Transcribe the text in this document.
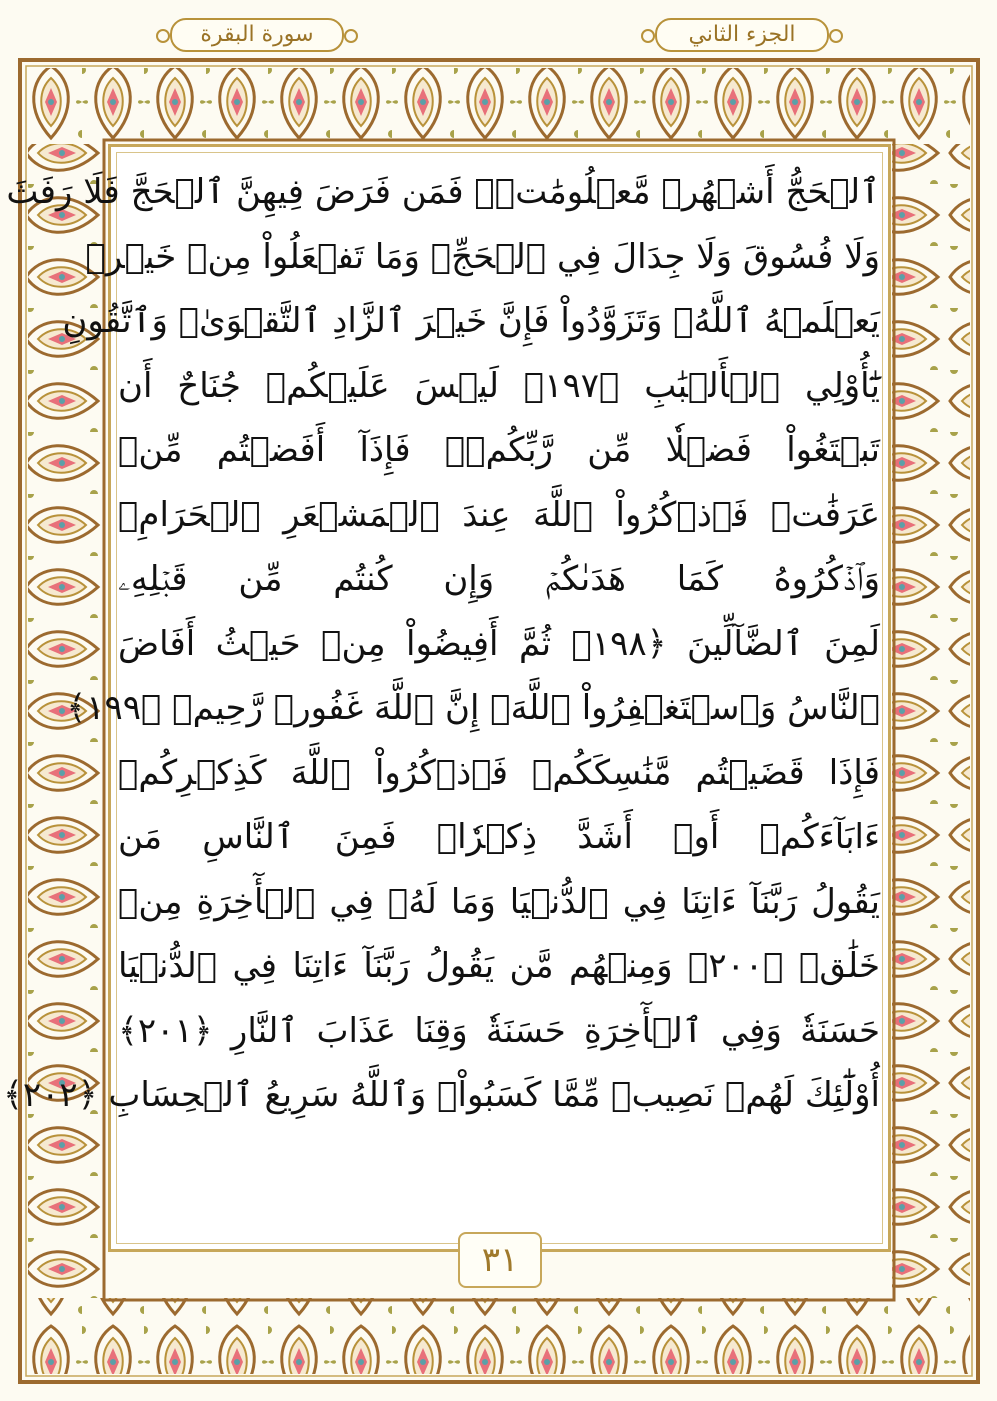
سورة البقرة	الجزء الثاني
ٱلۡحَجُّ أَشۡهُرٞ مَّعۡلُومَٰتٞۚ فَمَن فَرَضَ فِيهِنَّ ٱلۡحَجَّ فَلَا رَفَثَ
وَلَا فُسُوقَ وَلَا جِدَالَ فِي ٱلۡحَجِّۗ وَمَا تَفۡعَلُواْ مِنۡ خَيۡرٖ
يَعۡلَمۡهُ ٱللَّهُۗ وَتَزَوَّدُواْ فَإِنَّ خَيۡرَ ٱلزَّادِ ٱلتَّقۡوَىٰۖ وَٱتَّقُونِ
يَٰٓأُوْلِي ٱلۡأَلۡبَٰبِ ﴿١٩٧﴾ لَيۡسَ عَلَيۡكُمۡ جُنَاحٌ أَن
تَبۡتَغُواْ فَضۡلٗا مِّن رَّبِّكُمۡۚ فَإِذَآ أَفَضۡتُم مِّنۡ
عَرَفَٰتٖ فَٱذۡكُرُواْ ٱللَّهَ عِندَ ٱلۡمَشۡعَرِ ٱلۡحَرَامِۖ
وَٱذۡكُرُوهُ كَمَا هَدَىٰكُمۡ وَإِن كُنتُم مِّن قَبۡلِهِۦ
لَمِنَ ٱلضَّآلِّينَ ﴿١٩٨﴾ ثُمَّ أَفِيضُواْ مِنۡ حَيۡثُ أَفَاضَ
ٱلنَّاسُ وَٱسۡتَغۡفِرُواْ ٱللَّهَۚ إِنَّ ٱللَّهَ غَفُورٞ رَّحِيمٞ ﴿١٩٩﴾
فَإِذَا قَضَيۡتُم مَّنَٰسِكَكُمۡ فَٱذۡكُرُواْ ٱللَّهَ كَذِكۡرِكُمۡ
ءَابَآءَكُمۡ أَوۡ أَشَدَّ ذِكۡرٗاۗ فَمِنَ ٱلنَّاسِ مَن
يَقُولُ رَبَّنَآ ءَاتِنَا فِي ٱلدُّنۡيَا وَمَا لَهُۥ فِي ٱلۡأٓخِرَةِ مِنۡ
خَلَٰقٖ ﴿٢٠٠﴾ وَمِنۡهُم مَّن يَقُولُ رَبَّنَآ ءَاتِنَا فِي ٱلدُّنۡيَا
حَسَنَةٗ وَفِي ٱلۡأٓخِرَةِ حَسَنَةٗ وَقِنَا عَذَابَ ٱلنَّارِ ﴿٢٠١﴾
أُوْلَٰٓئِكَ لَهُمۡ نَصِيبٞ مِّمَّا كَسَبُواْۚ وَٱللَّهُ سَرِيعُ ٱلۡحِسَابِ ﴿٢٠٢﴾
٣١
